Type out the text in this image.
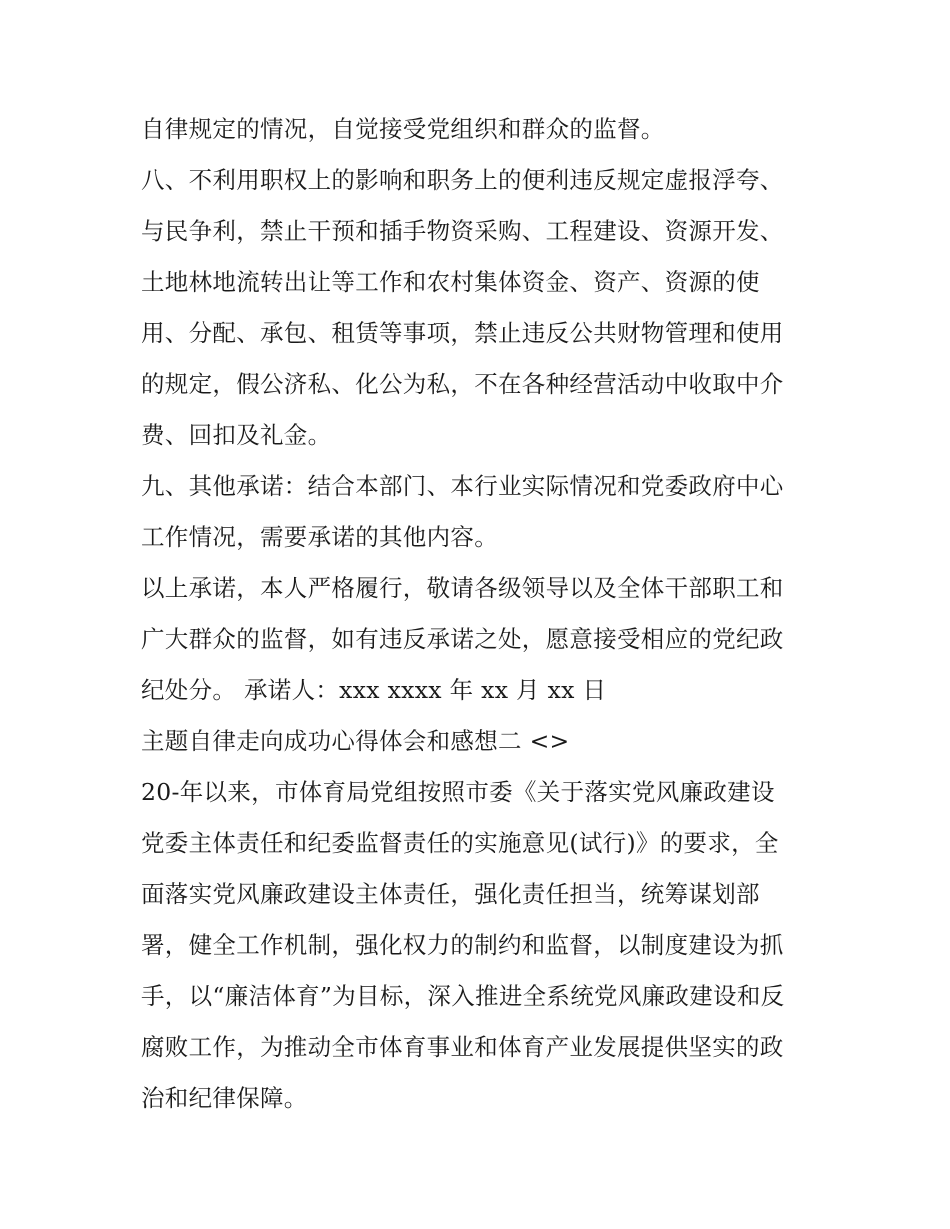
自律规定的情况，自觉接受党组织和群众的监督。
八、不利用职权上的影响和职务上的便利违反规定虚报浮夸、
与民争利，禁止干预和插手物资采购、工程建设、资源开发、
土地林地流转出让等工作和农村集体资金、资产、资源的使
用、分配、承包、租赁等事项，禁止违反公共财物管理和使用
的规定，假公济私、化公为私，不在各种经营活动中收取中介
费、回扣及礼金。
九、其他承诺：结合本部门、本行业实际情况和党委政府中心
工作情况，需要承诺的其他内容。
以上承诺，本人严格履行，敬请各级领导以及全体干部职工和
广大群众的监督，如有违反承诺之处，愿意接受相应的党纪政
纪处分。 承诺人：xxx xxxx 年 xx 月 xx 日
主题自律走向成功心得体会和感想二 <>
20-年以来，市体育局党组按照市委《关于落实党风廉政建设
党委主体责任和纪委监督责任的实施意见(试行)》的要求，全
面落实党风廉政建设主体责任，强化责任担当，统筹谋划部
署，健全工作机制，强化权力的制约和监督，以制度建设为抓
手，以“廉洁体育”为目标，深入推进全系统党风廉政建设和反
腐败工作，为推动全市体育事业和体育产业发展提供坚实的政
治和纪律保障。
